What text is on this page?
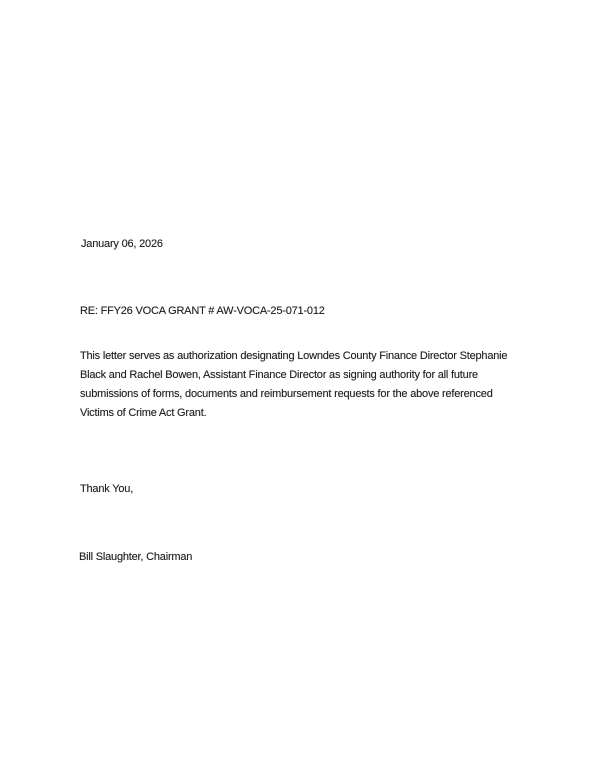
January 06, 2026
RE: FFY26 VOCA GRANT # AW-VOCA-25-071-012
This letter serves as authorization designating Lowndes County Finance Director Stephanie
Black and Rachel Bowen, Assistant Finance Director as signing authority for all future
submissions of forms, documents and reimbursement requests for the above referenced
Victims of Crime Act Grant.
Thank You,
Bill Slaughter, Chairman
